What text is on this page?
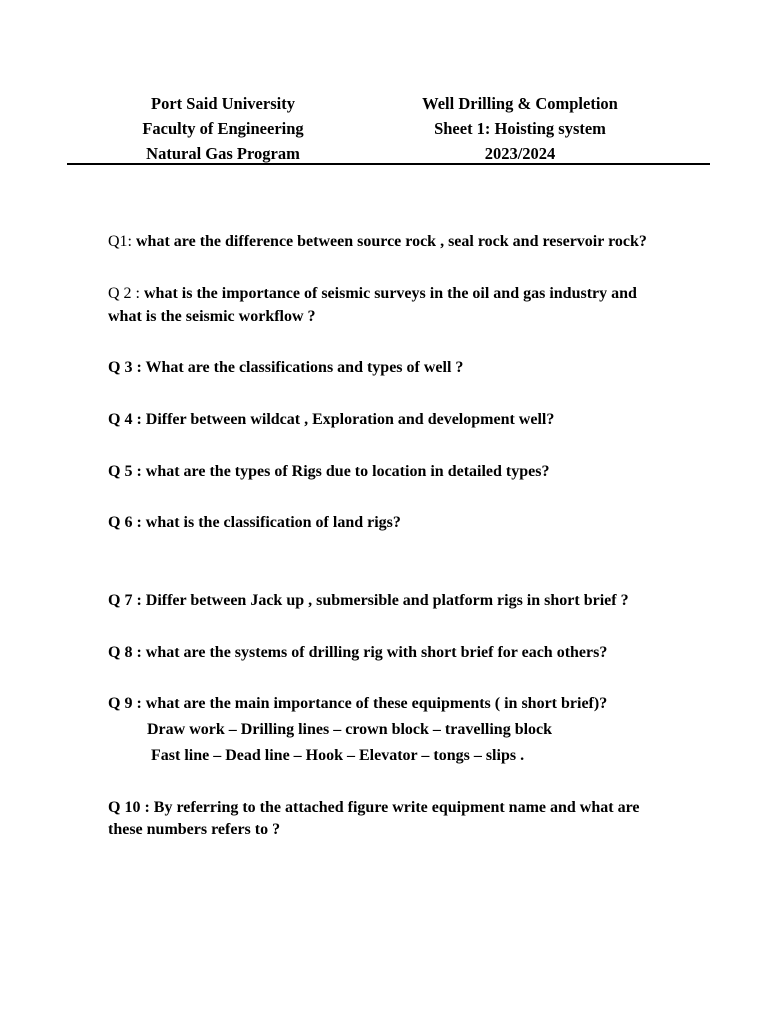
Port Said University
Faculty of Engineering
Natural Gas Program
Well Drilling & Completion
Sheet 1: Hoisting system
2023/2024
Q1: what are the difference between source rock , seal rock and reservoir rock?
Q 2 : what is the importance of seismic surveys in the oil and gas industry and
what is the seismic workflow ?
Q 3 : What are the classifications and types of well ?
Q 4 : Differ between wildcat , Exploration and development well?
Q 5 : what are the types of Rigs due to location in detailed types?
Q 6 : what is the classification of land rigs?
Q 7 : Differ between Jack up , submersible and platform rigs in short brief ?
Q 8 : what are the systems of drilling rig with short brief for each others?
Q 9 : what are the main importance of these equipments ( in short brief)?
Draw work – Drilling lines – crown block – travelling block
Fast line – Dead line – Hook – Elevator – tongs – slips .
Q 10 : By referring to the attached figure write equipment name and what are
these numbers refers to ?
